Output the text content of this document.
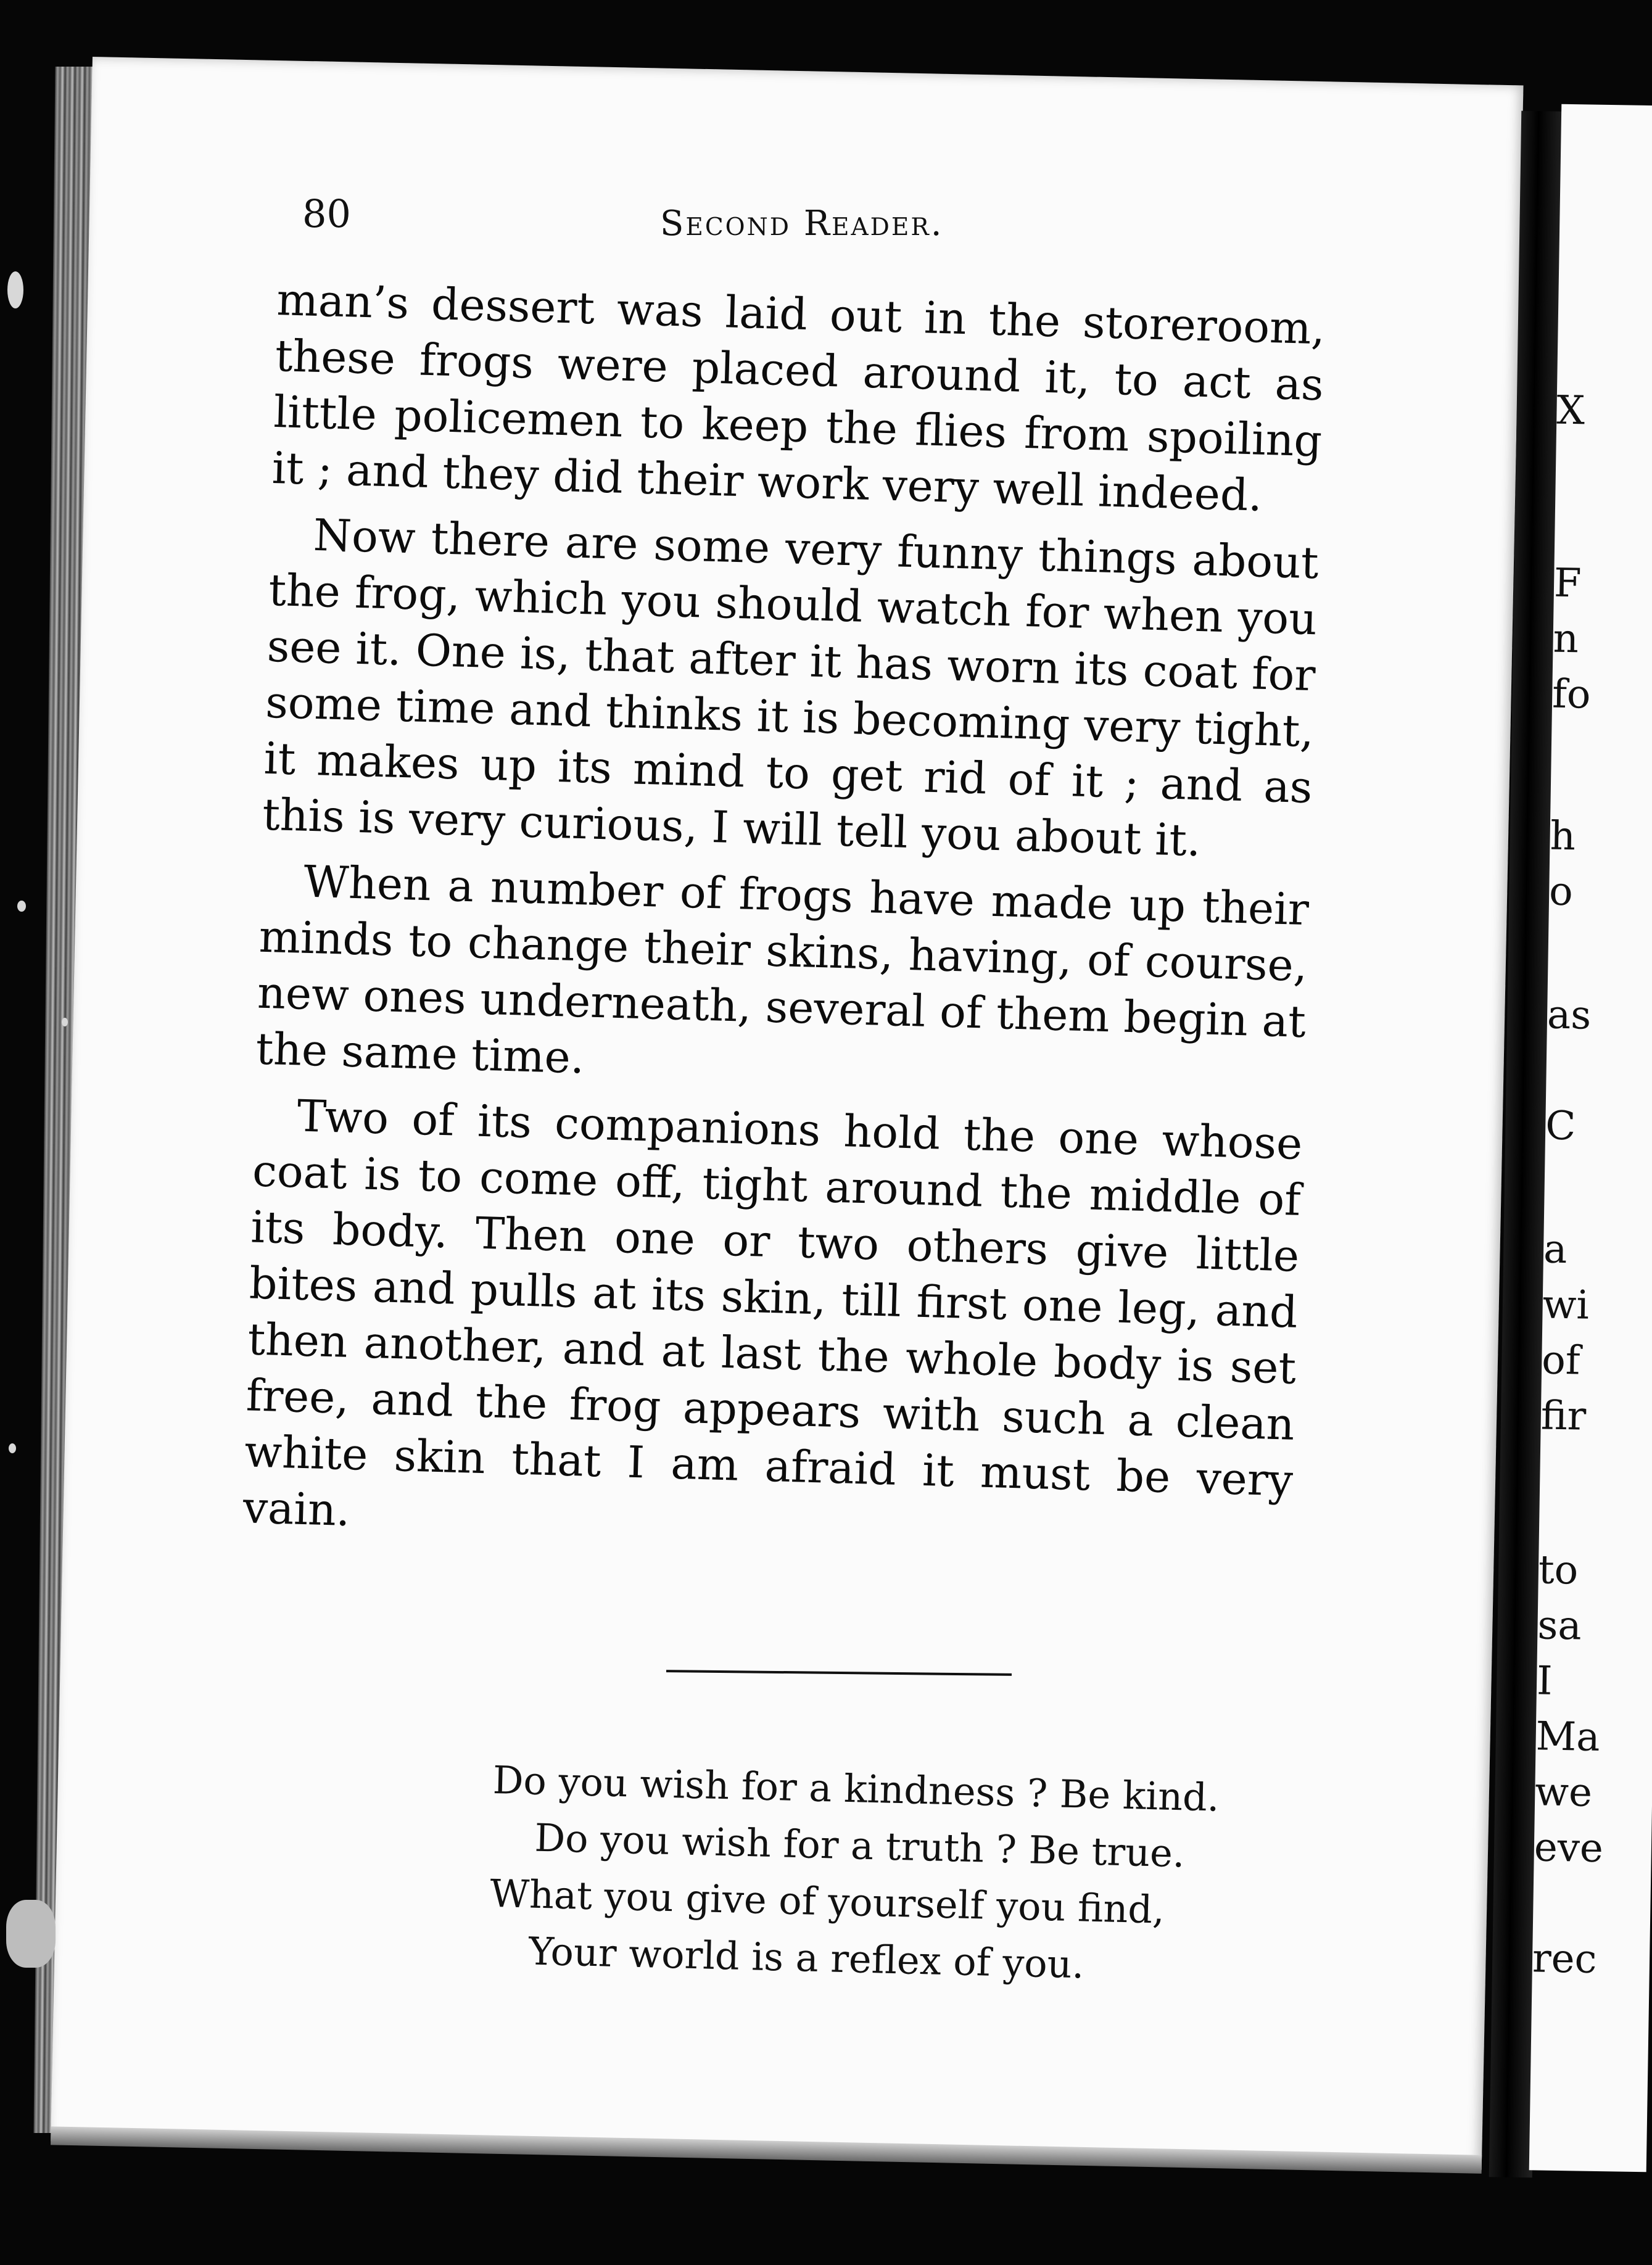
X
F
n
fo
h
o
as
C
a
wi
of
fir
to
sa
I
Ma
we
eve
rec
80	Second Reader.

man’s dessert was laid out in the storeroom, these frogs were placed around it, to act as little policemen to keep the flies from spoiling it ; and they did their work very well indeed.

Now there are some very funny things about the frog, which you should watch for when you see it. One is, that after it has worn its coat for some time and thinks it is becoming very tight, it makes up its mind to get rid of it ; and as this is very curious, I will tell you about it.

When a number of frogs have made up their minds to change their skins, having, of course, new ones underneath, several of them begin at the same time.

Two of its companions hold the one whose coat is to come off, tight around the middle of its body. Then one or two others give little bites and pulls at its skin, till first one leg, and then another, and at last the whole body is set free, and the frog appears with such a clean white skin that I am afraid it must be very vain.

Do you wish for a kindness ? Be kind.
Do you wish for a truth ? Be true.
What you give of yourself you find,
Your world is a reflex of you.
